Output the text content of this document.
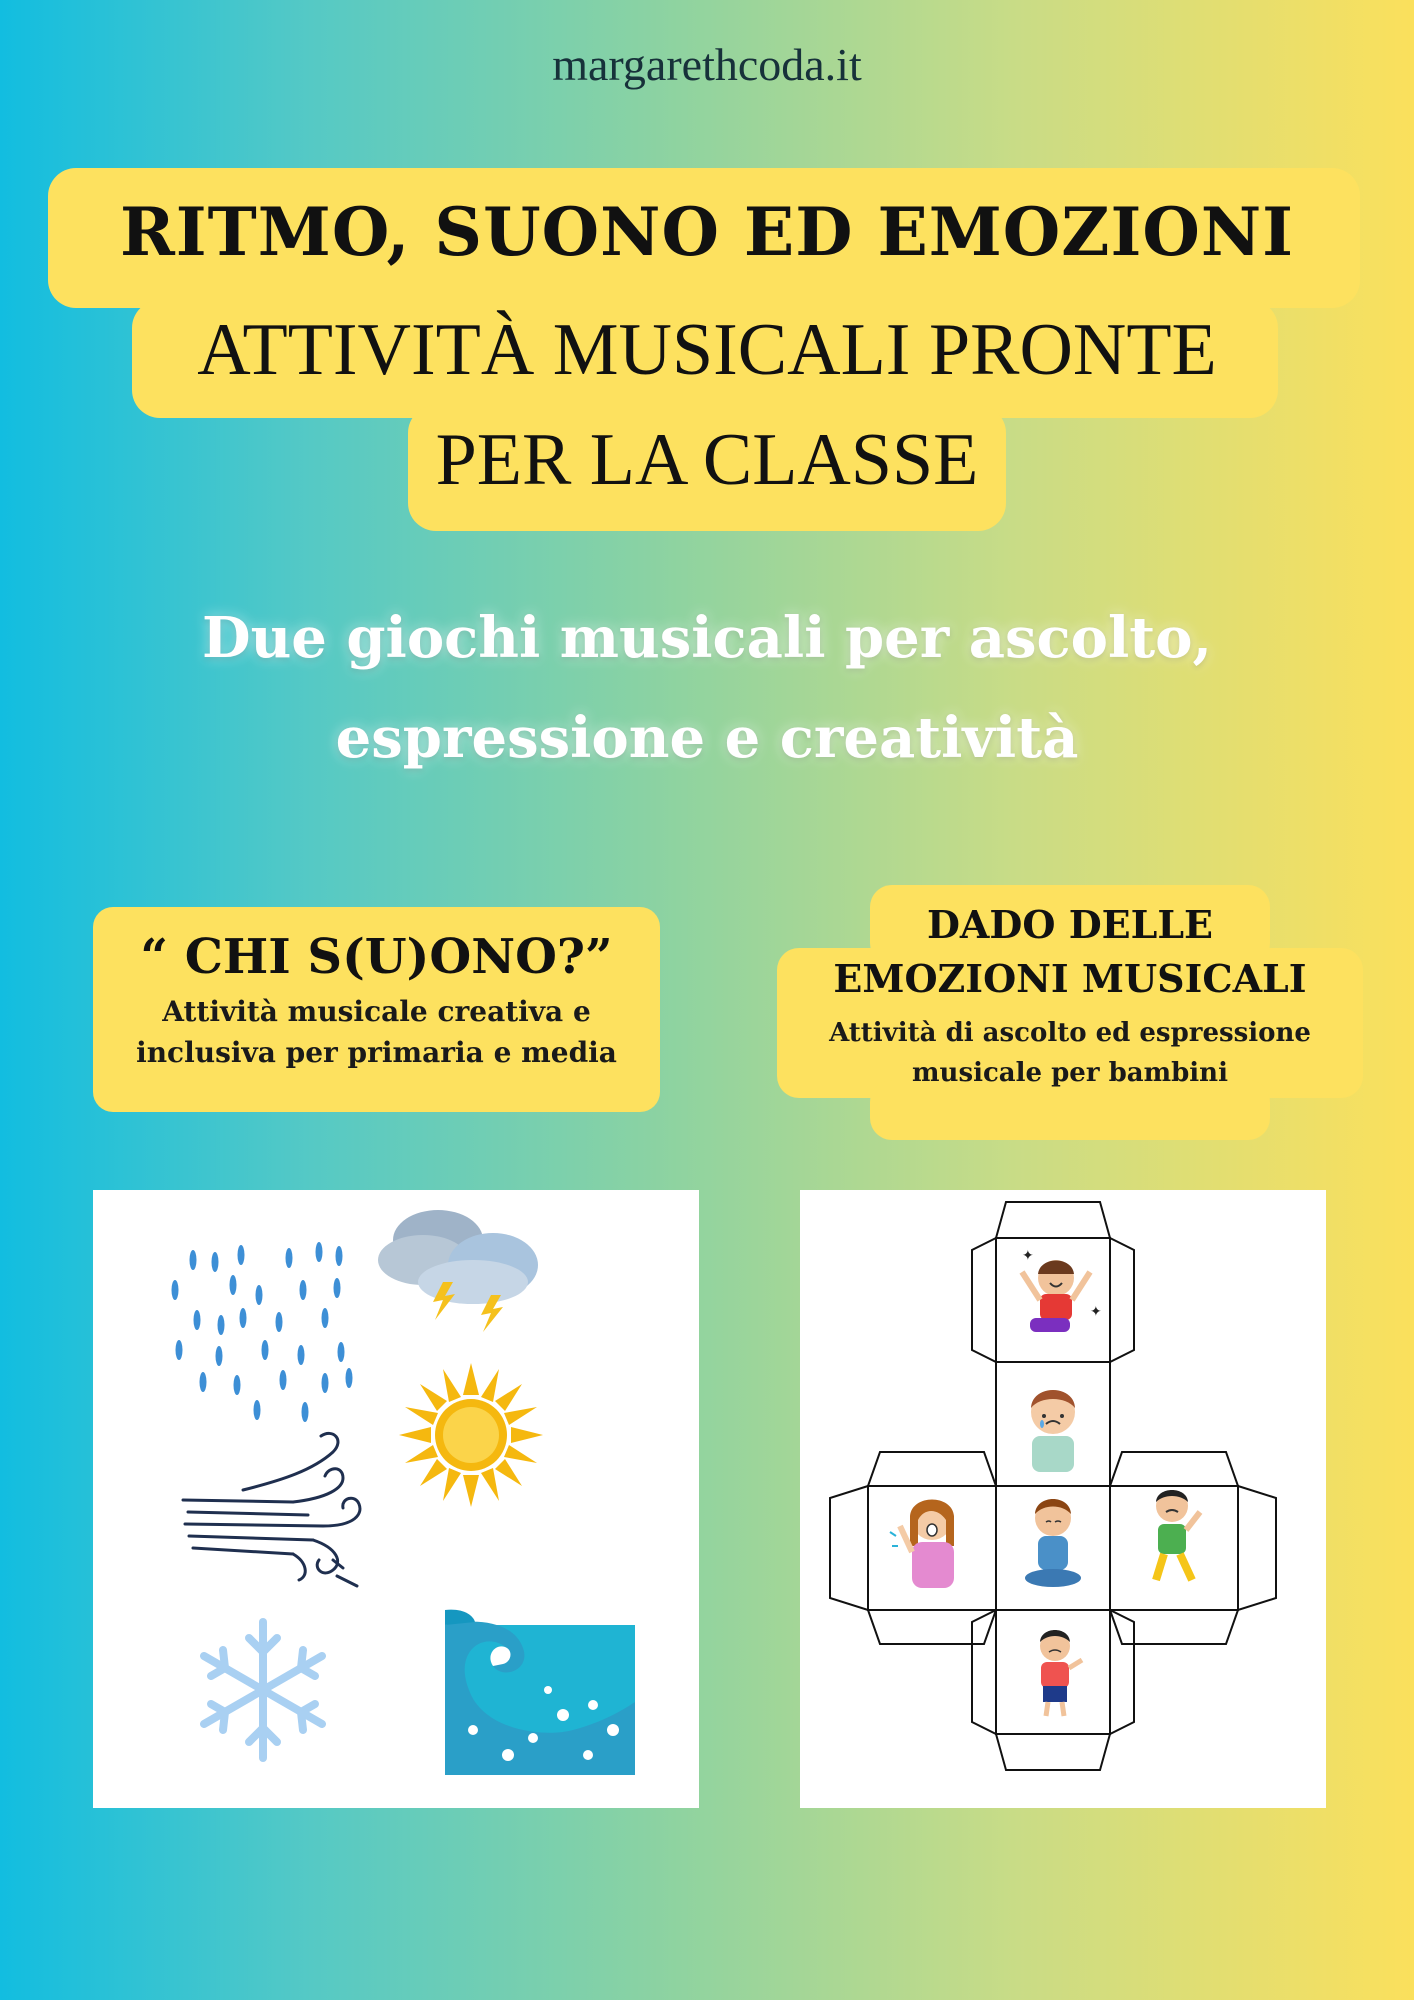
margarethcoda.it
RITMO, SUONO ED EMOZIONI
ATTIVITÀ MUSICALI PRONTE
PER LA CLASSE
Due giochi musicali per ascolto,
espressione e creatività
“ CHI S(U)ONO?”
Attività musicale creativa e
inclusiva per primaria e media
DADO DELLE
EMOZIONI MUSICALI
Attività di ascolto ed espressione
musicale per bambini
✦
✦
